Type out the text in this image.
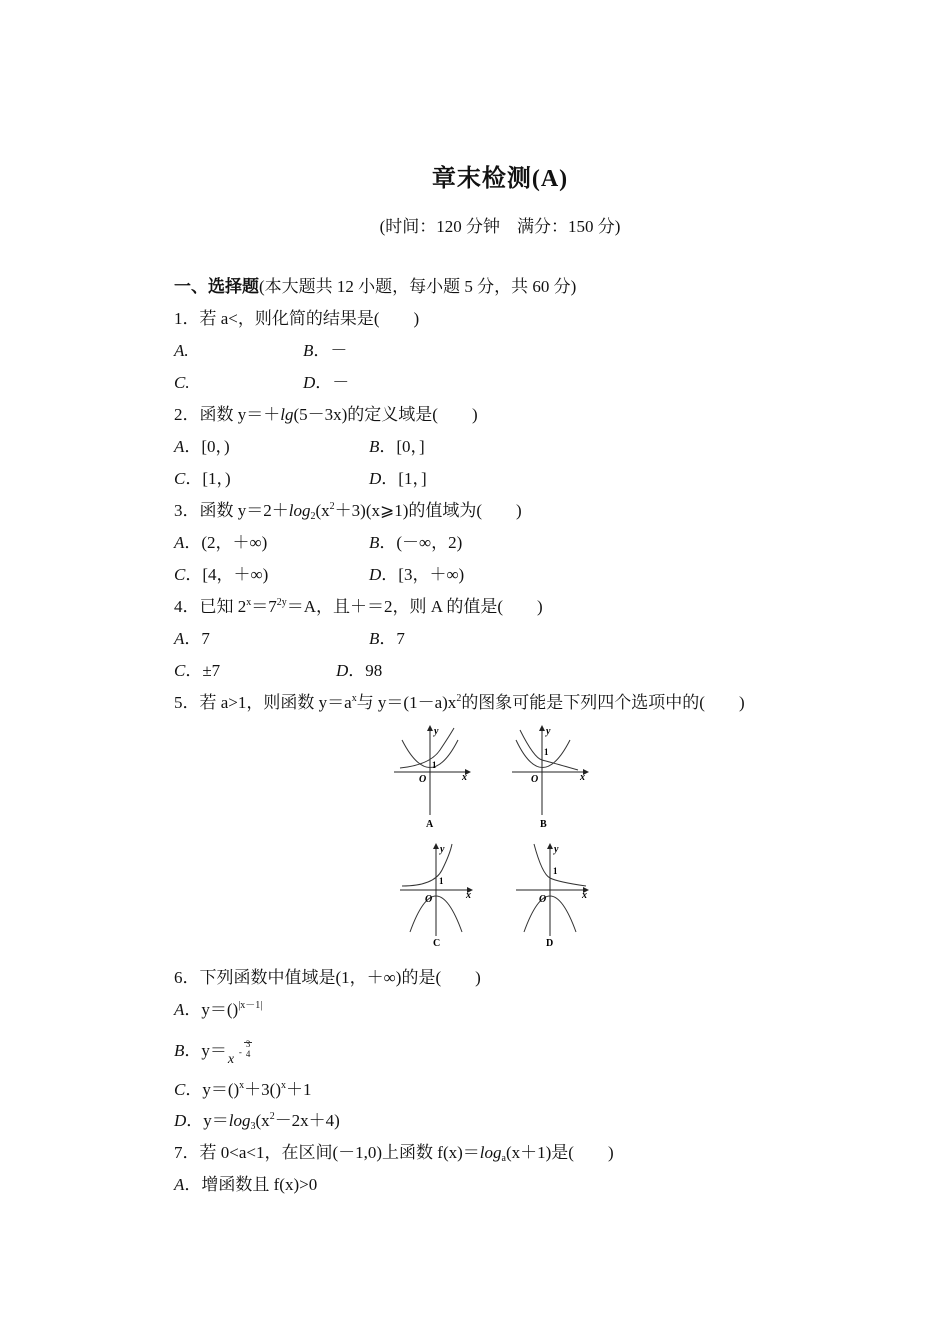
章末检测(A)
(时间：120 分钟    满分：150 分)
一、选择题(本大题共 12 小题，每小题 5 分，共 60 分)
1．若 a<，则化简的结果是(        )
A.	B．－
C.	D．－
2．函数 y＝＋lg(5－3x)的定义域是(        )
A．[0，)	B．[0，]
C．[1，)	D．[1，]
3．函数 $y=2+\log_2(x^2+3)(x⩾1)$的值域为(        )
A．(2，＋∞)	B．(－∞，2)
C．[4，＋∞)	D．[3，＋∞)
4．已知 $2^x=7^{2y}=A$，且＋＝2，则 A 的值是(        )
A．7	B．7
C．±7	D．98
5．若 a>1，则函数 $y=a^x$与 $y=(1-a)x^2$的图象可能是下列四个选项中的(        )
y
x
O
1
A
y
x
O
1
B
y
x
O
1
C
y
x
O
1
D
6．下列函数中值域是(1，＋∞)的是(        )
A．y＝()$^{|x-1|}$
B．y＝ x -
3
4
C．y＝()$^x$＋3()$^x$＋1
D．$y=\log_3(x^2-2x+4)$
7．若 0<a<1，在区间(－1,0)上函数 $f(x)=\log_a(x+1)$是(        )
A．增函数且 f(x)>0
